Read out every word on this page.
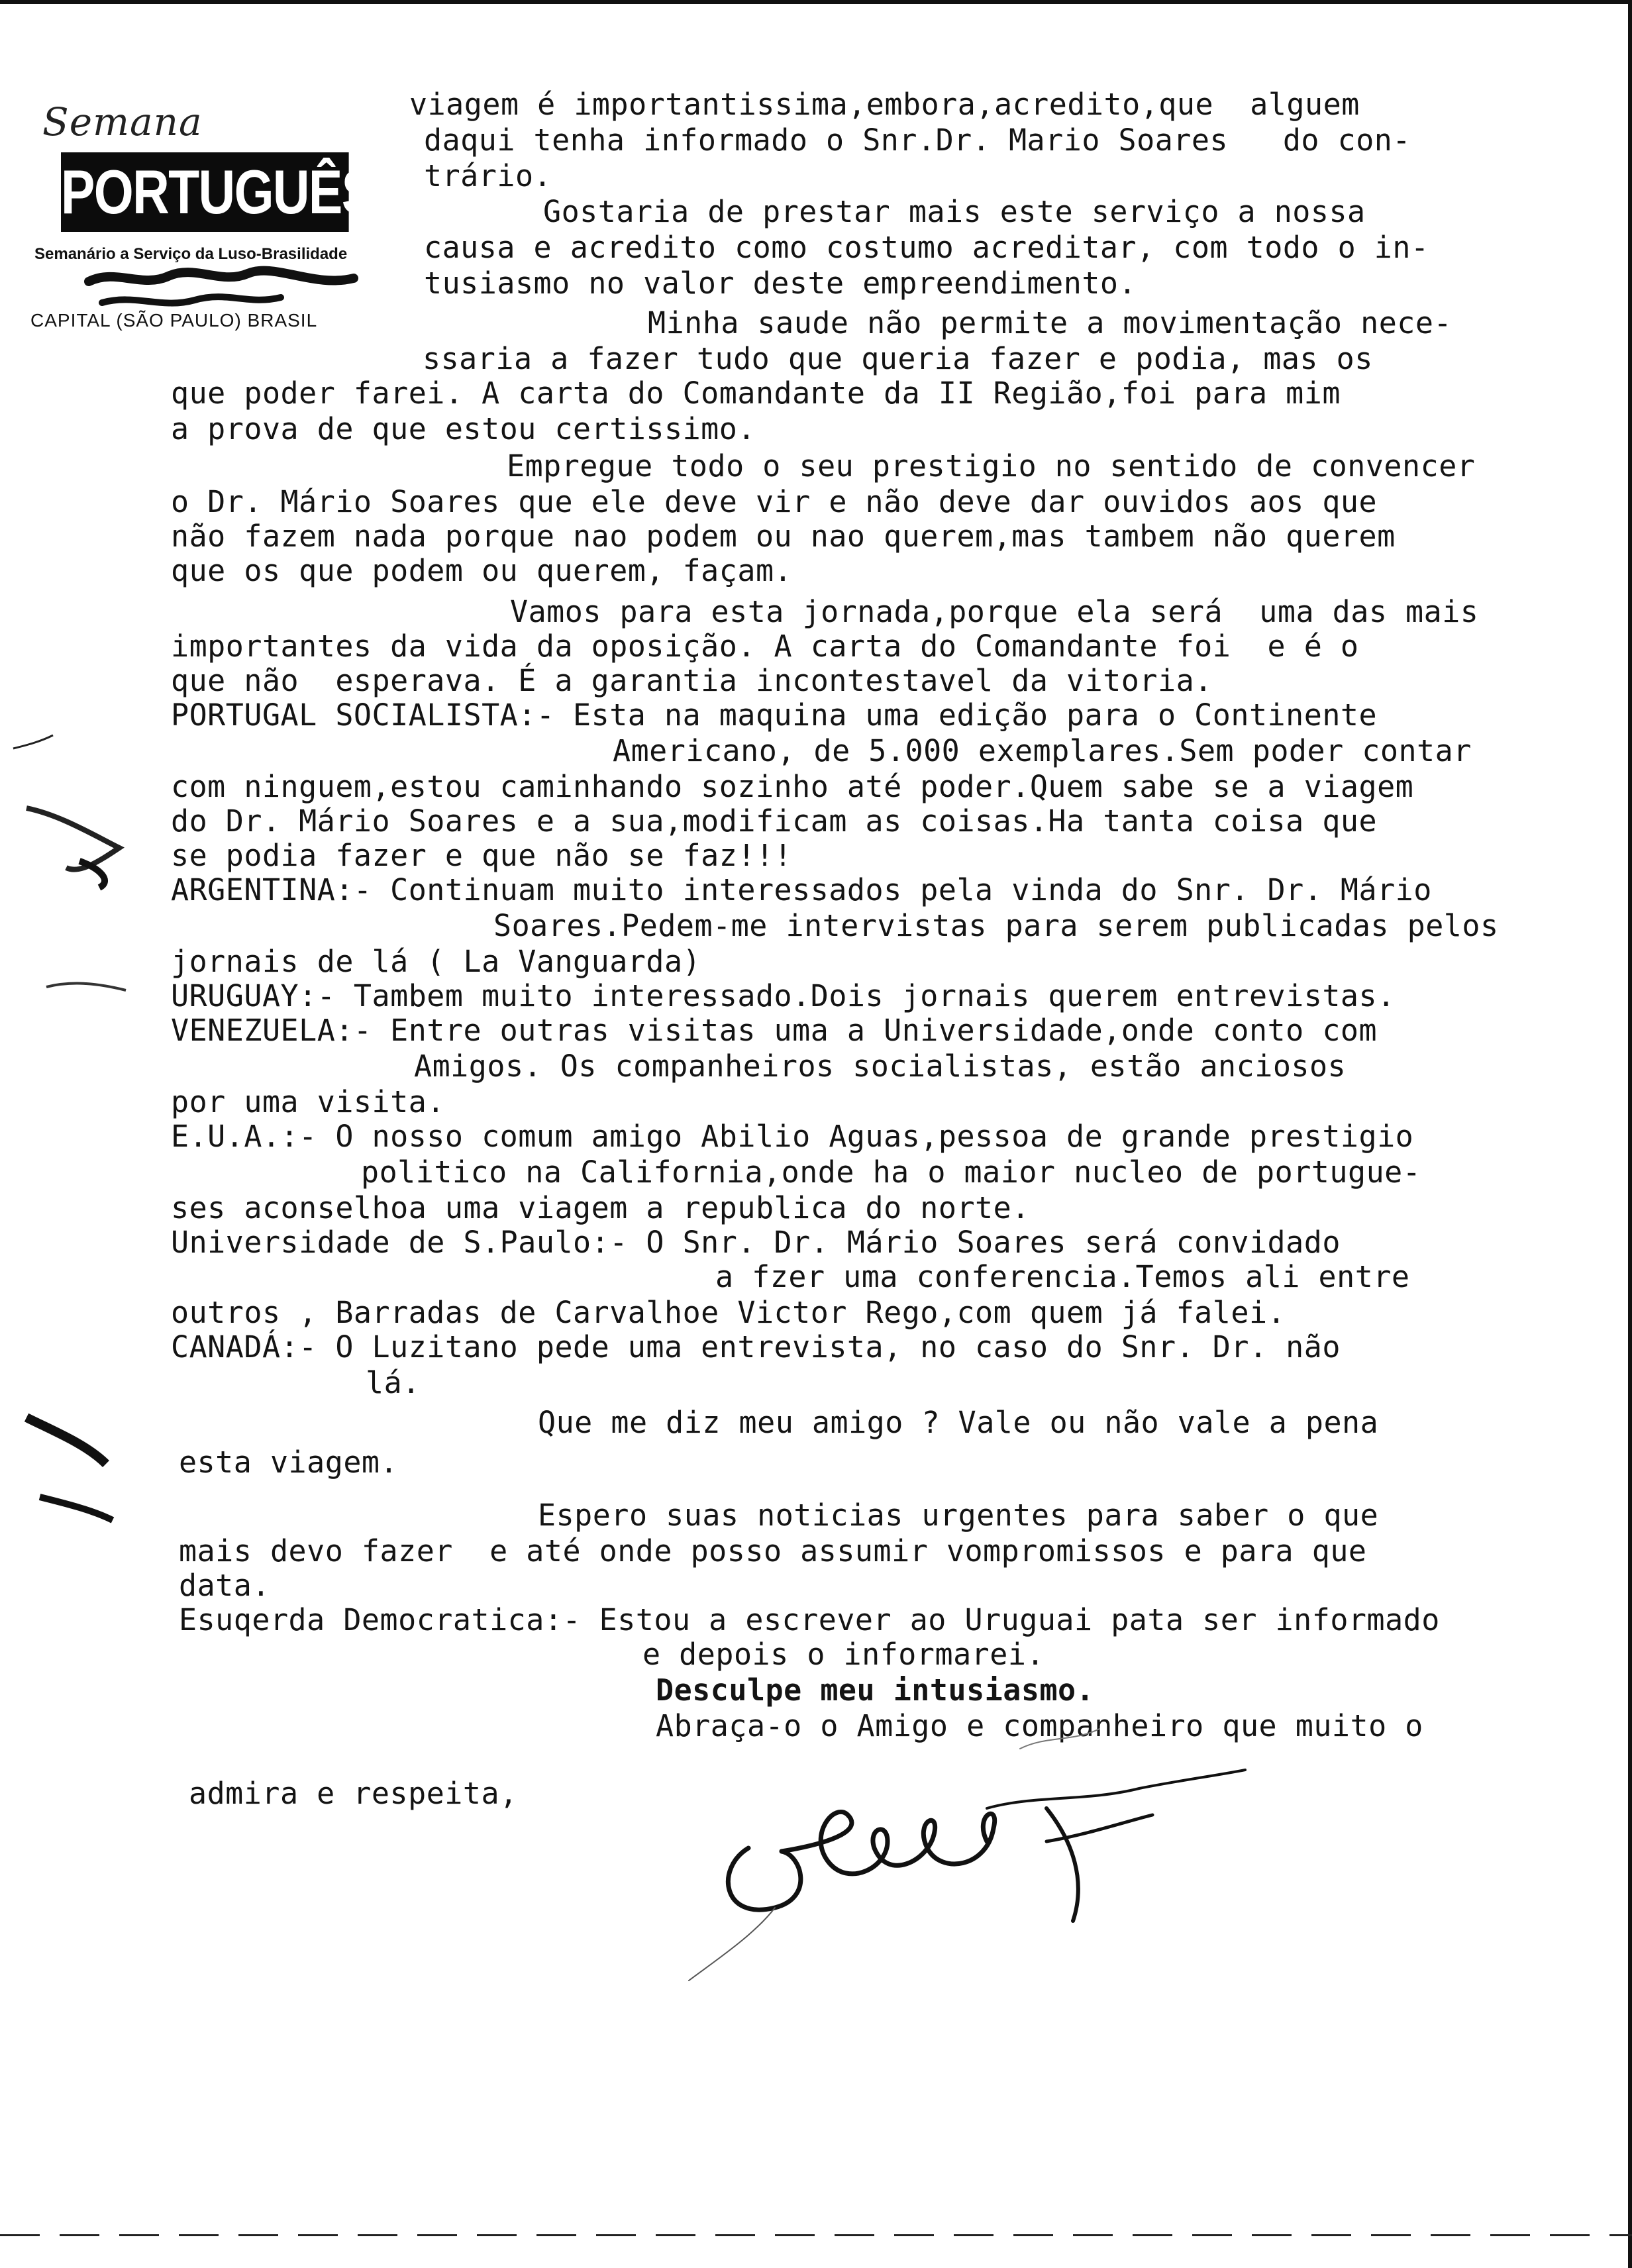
Semana
PORTUGUÊSA
Semanário a Serviço da Luso-Brasilidade
CAPITAL (SÃO PAULO) BRASIL
viagem é importantissima,embora,acredito,que  alguem
daqui tenha informado o Snr.Dr. Mario Soares   do con-
trário.
Gostaria de prestar mais este serviço a nossa
causa e acredito como costumo acreditar, com todo o in-
tusiasmo no valor deste empreendimento.
Minha saude não permite a movimentação nece-
ssaria a fazer tudo que queria fazer e podia, mas os
que poder farei. A carta do Comandante da II Região,foi para mim
a prova de que estou certissimo.
Empregue todo o seu prestigio no sentido de convencer
o Dr. Mário Soares que ele deve vir e não deve dar ouvidos aos que
não fazem nada porque nao podem ou nao querem,mas tambem não querem
que os que podem ou querem, façam.
Vamos para esta jornada,porque ela será  uma das mais
importantes da vida da oposição. A carta do Comandante foi  e é o
que não  esperava. É a garantia incontestavel da vitoria.
PORTUGAL SOCIALISTA:- Esta na maquina uma edição para o Continente
Americano, de 5.000 exemplares.Sem poder contar
com ninguem,estou caminhando sozinho até poder.Quem sabe se a viagem
do Dr. Mário Soares e a sua,modificam as coisas.Ha tanta coisa que
se podia fazer e que não se faz!!!
ARGENTINA:- Continuam muito interessados pela vinda do Snr. Dr. Mário
Soares.Pedem-me intervistas para serem publicadas pelos
jornais de lá ( La Vanguarda)
URUGUAY:- Tambem muito interessado.Dois jornais querem entrevistas.
VENEZUELA:- Entre outras visitas uma a Universidade,onde conto com
Amigos. Os companheiros socialistas, estão anciosos
por uma visita.
E.U.A.:- O nosso comum amigo Abilio Aguas,pessoa de grande prestigio
politico na California,onde ha o maior nucleo de portugue-
ses aconselhoa uma viagem a republica do norte.
Universidade de S.Paulo:- O Snr. Dr. Mário Soares será convidado
a fzer uma conferencia.Temos ali entre
outros , Barradas de Carvalhoe Victor Rego,com quem já falei.
CANADÁ:- O Luzitano pede uma entrevista, no caso do Snr. Dr. não
lá.
Que me diz meu amigo ? Vale ou não vale a pena
esta viagem.
Espero suas noticias urgentes para saber o que
mais devo fazer  e até onde posso assumir vompromissos e para que
data.
Esuqerda Democratica:- Estou a escrever ao Uruguai pata ser informado
e depois o informarei.
Desculpe meu intusiasmo.
Abraça-o o Amigo e companheiro que muito o
admira e respeita,
